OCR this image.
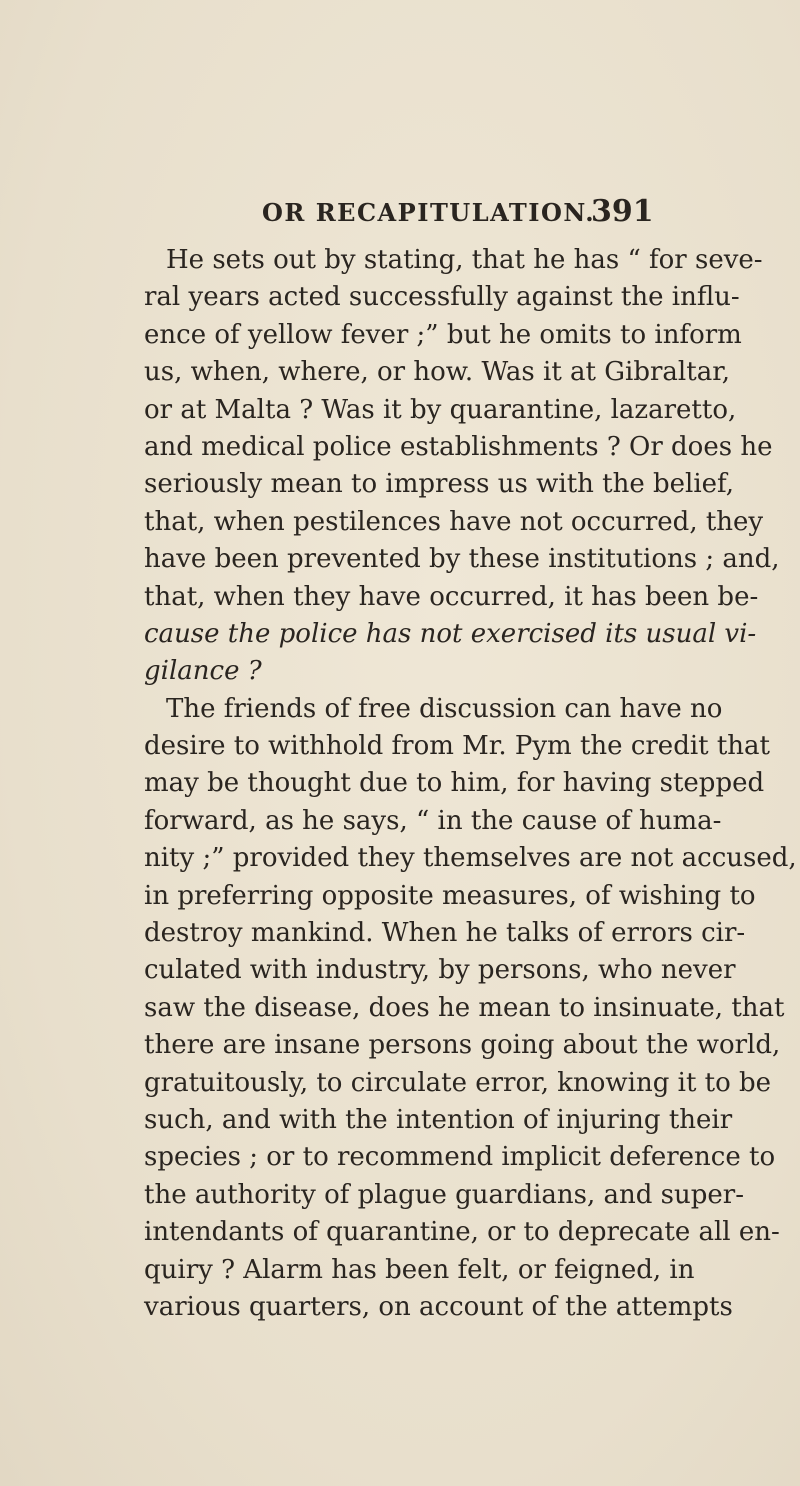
OR RECAPITULATION.
391
He sets out by stating, that he has “ for seve-
ral years acted successfully against the influ-
ence of yellow fever ;” but he omits to inform
us, when, where, or how. Was it at Gibraltar,
or at Malta ? Was it by quarantine, lazaretto,
and medical police establishments ? Or does he
seriously mean to impress us with the belief,
that, when pestilences have not occurred, they
have been prevented by these institutions ; and,
that, when they have occurred, it has been be-
cause the police has not exercised its usual vi-
gilance ?
The friends of free discussion can have no
desire to withhold from Mr. Pym the credit that
may be thought due to him, for having stepped
forward, as he says, “ in the cause of huma-
nity ;” provided they themselves are not accused,
in preferring opposite measures, of wishing to
destroy mankind. When he talks of errors cir-
culated with industry, by persons, who never
saw the disease, does he mean to insinuate, that
there are insane persons going about the world,
gratuitously, to circulate error, knowing it to be
such, and with the intention of injuring their
species ; or to recommend implicit deference to
the authority of plague guardians, and super-
intendants of quarantine, or to deprecate all en-
quiry ? Alarm has been felt, or feigned, in
various quarters, on account of the attempts
